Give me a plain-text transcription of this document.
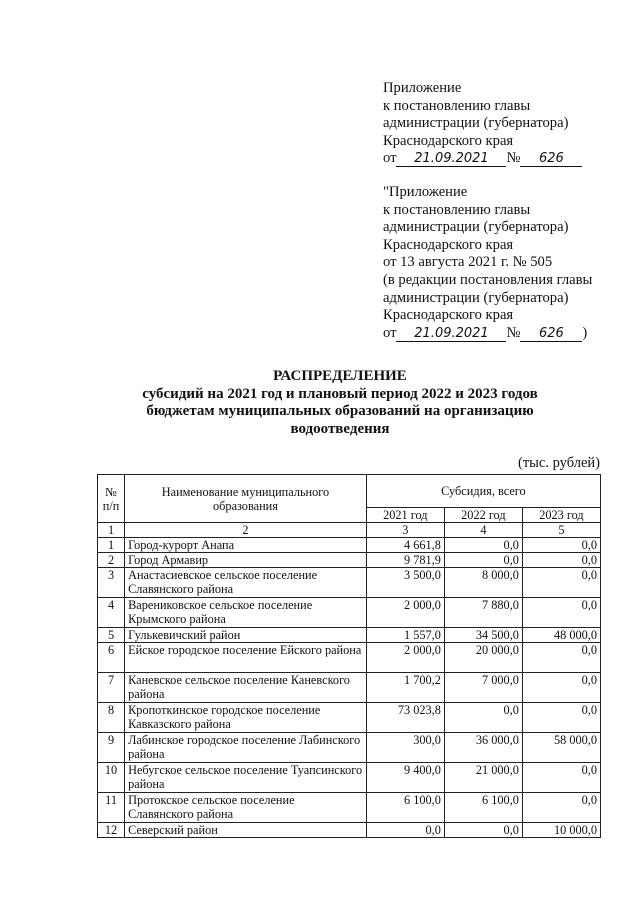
Приложение
к постановлению главы
администрации (губернатора)
Краснодарского края
от 21.09.2021 № 626
"Приложение
к постановлению главы
администрации (губернатора)
Краснодарского края
от 13 августа 2021 г. № 505
(в редакции постановления главы
администрации (губернатора)
Краснодарского края
от 21.09.2021 № 626 )
РАСПРЕДЕЛЕНИЕ
субсидий на 2021 год и плановый период 2022 и 2023 годов
бюджетам муниципальных образований на организацию
водоотведения
(тыс. рублей)
№ п/п	Наименование муниципального образования	Субсидия, всего		
		2021 год	2022 год	2023 год
1	2	3	4	5
1	Город-курорт Анапа	4 661,8	0,0	0,0
2	Город Армавир	9 781,9	0,0	0,0
3	Анастасиевское сельское поселение Славянского района	3 500,0	8 000,0	0,0
4	Варениковское сельское поселение Крымского района	2 000,0	7 880,0	0,0
5	Гулькевичский район	1 557,0	34 500,0	48 000,0
6	Ейское городское поселение Ейского района	2 000,0	20 000,0	0,0
7	Каневское сельское поселение Каневского района	1 700,2	7 000,0	0,0
8	Кропоткинское городское поселение Кавказского района	73 023,8	0,0	0,0
9	Лабинское городское поселение Лабинского района	300,0	36 000,0	58 000,0
10	Небугское сельское поселение Туапсинского района	9 400,0	21 000,0	0,0
11	Протокское сельское поселение Славянского района	6 100,0	6 100,0	0,0
12	Северский район	0,0	0,0	10 000,0
